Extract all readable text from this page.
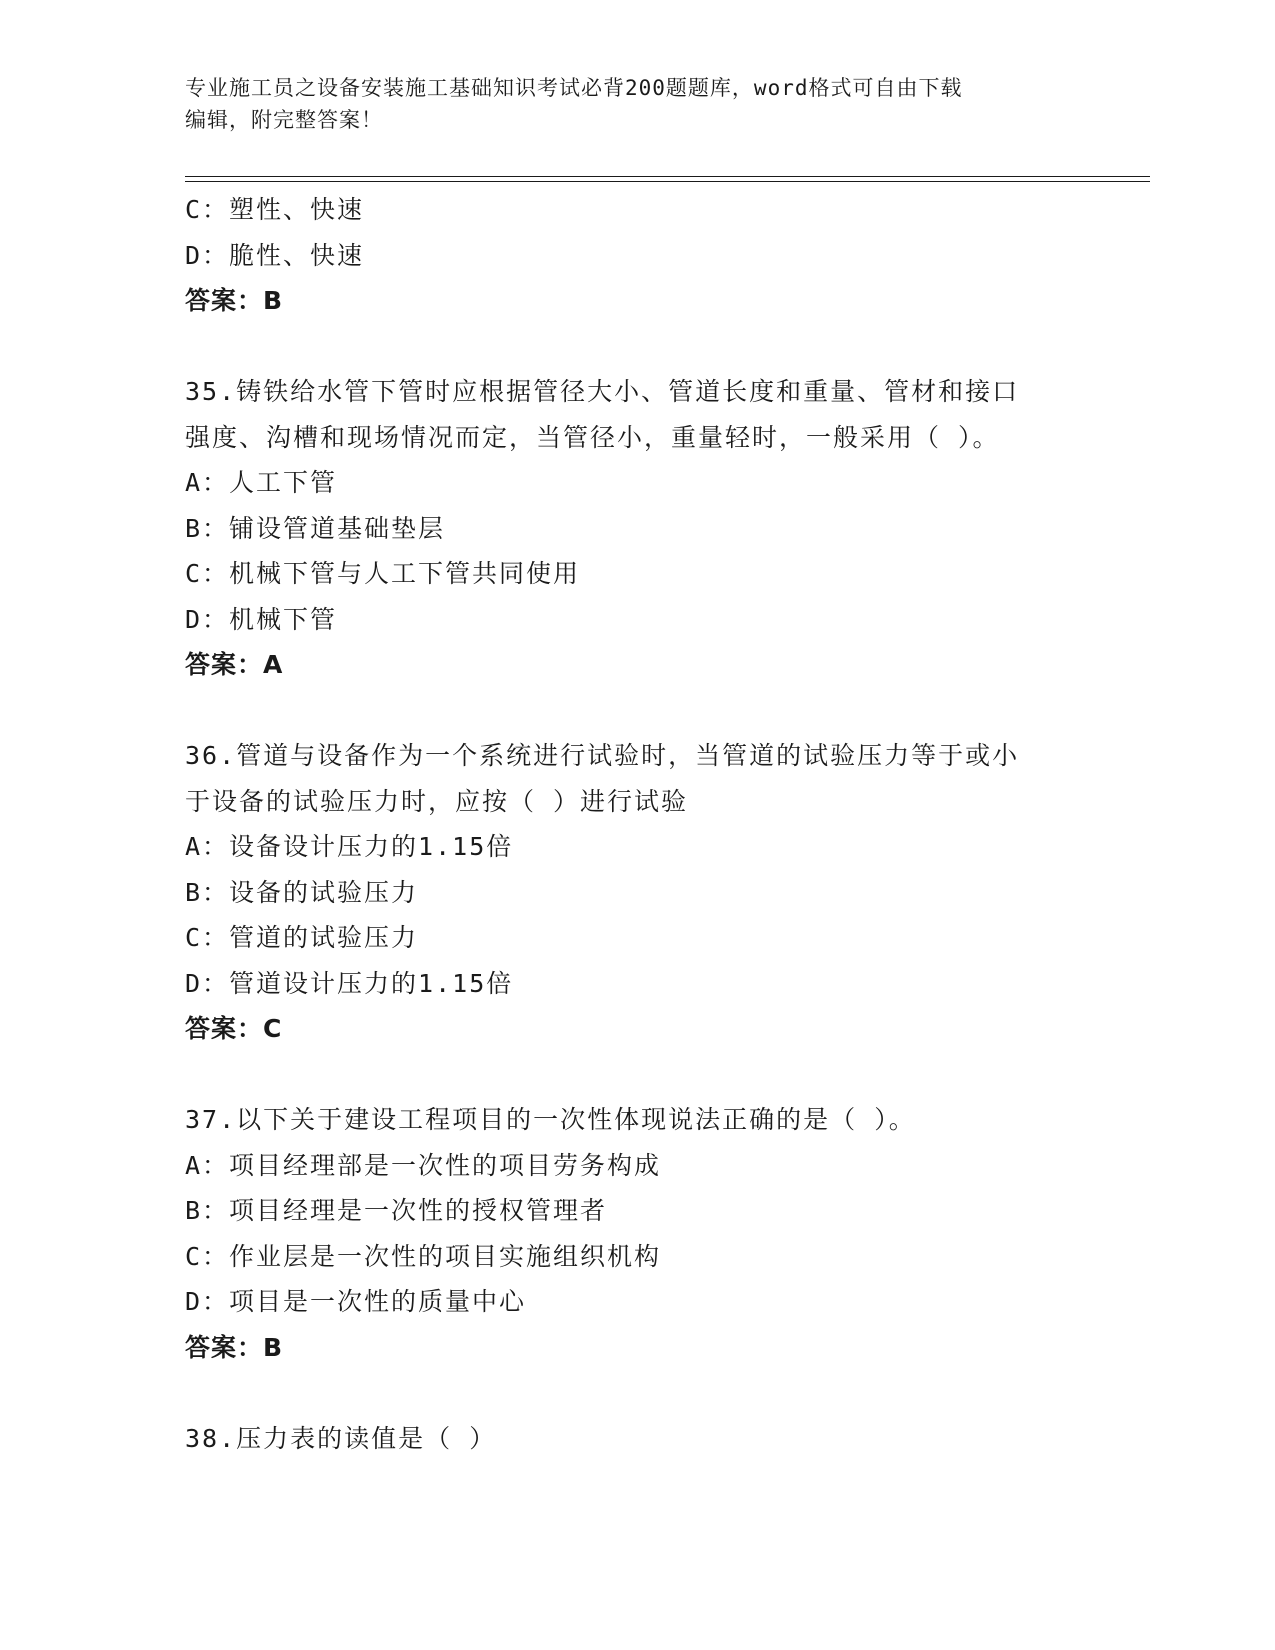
专业施工员之设备安装施工基础知识考试必背200题题库，word格式可自由下载
编辑，附完整答案！
C：塑性、快速
D：脆性、快速
答案：B
35.铸铁给水管下管时应根据管径大小、管道长度和重量、管材和接口
强度、沟槽和现场情况而定，当管径小，重量轻时，一般采用（ ）。
A：人工下管
B：铺设管道基础垫层
C：机械下管与人工下管共同使用
D：机械下管
答案：A
36.管道与设备作为一个系统进行试验时，当管道的试验压力等于或小
于设备的试验压力时，应按（ ）进行试验
A：设备设计压力的1.15倍
B：设备的试验压力
C：管道的试验压力
D：管道设计压力的1.15倍
答案：C
37.以下关于建设工程项目的一次性体现说法正确的是（ ）。
A：项目经理部是一次性的项目劳务构成
B：项目经理是一次性的授权管理者
C：作业层是一次性的项目实施组织机构
D：项目是一次性的质量中心
答案：B
38.压力表的读值是（ ）
